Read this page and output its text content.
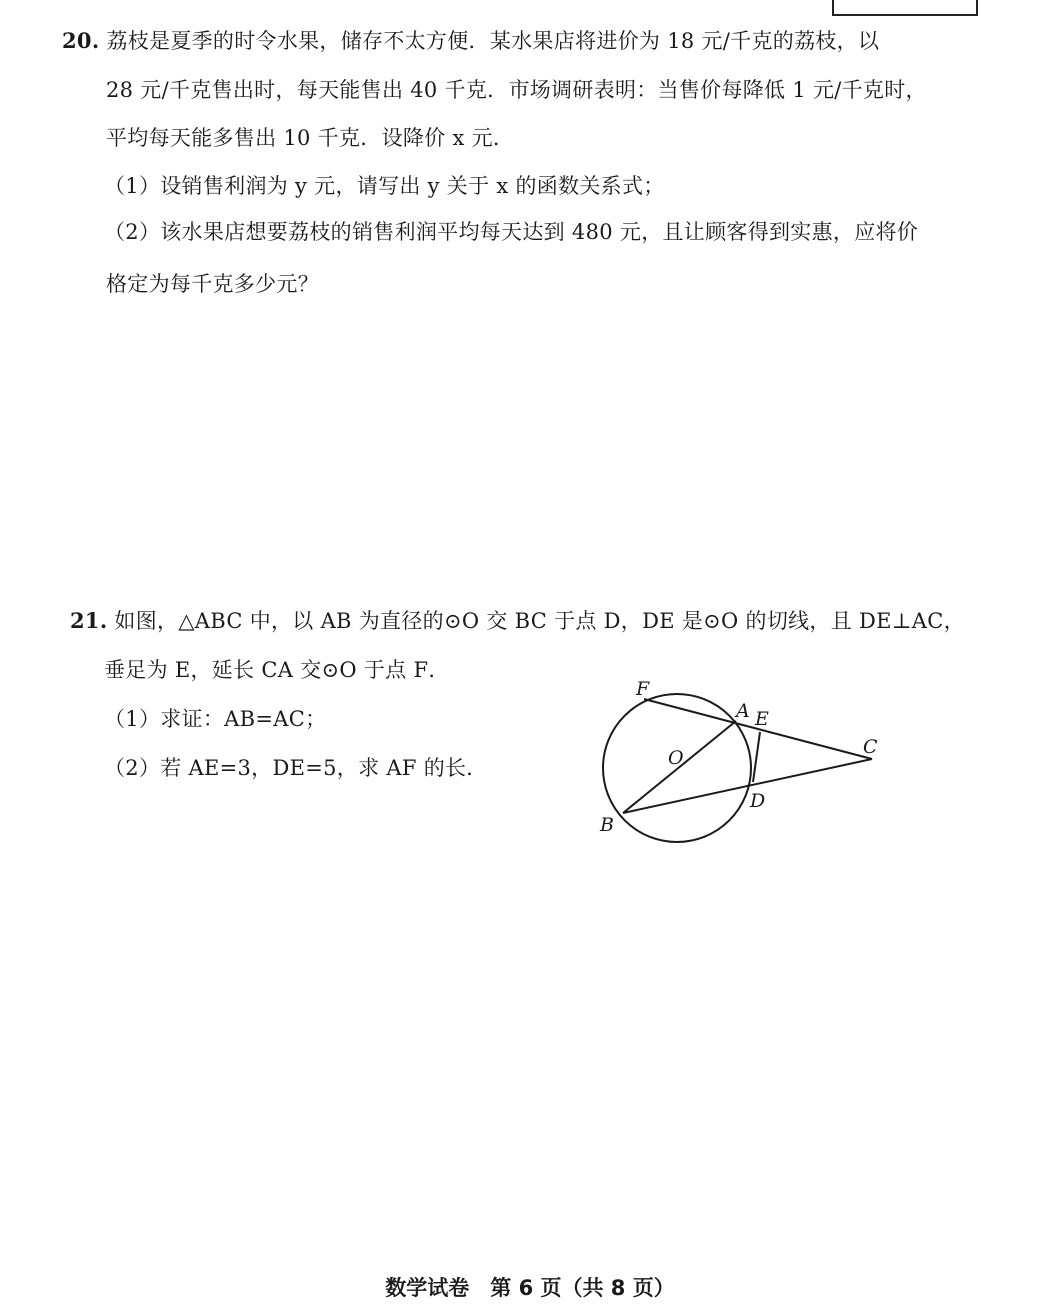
20. 荔枝是夏季的时令水果，储存不太方便．某水果店将进价为 18 元/千克的荔枝，以
28 元/千克售出时，每天能售出 40 千克．市场调研表明：当售价每降低 1 元/千克时，
平均每天能多售出 10 千克．设降价 x 元．
（1）设销售利润为 y 元，请写出 y 关于 x 的函数关系式；
（2）该水果店想要荔枝的销售利润平均每天达到 480 元，且让顾客得到实惠，应将价
格定为每千克多少元？
21. 如图，△ABC 中，以 AB 为直径的⊙O 交 BC 于点 D，DE 是⊙O 的切线，且 DE⊥AC，
垂足为 E，延长 CA 交⊙O 于点 F．
（1）求证：AB=AC；
（2）若 AE=3，DE=5，求 AF 的长．
F
A E
O	C
D
B
数学试卷　第 6 页（共 8 页）
